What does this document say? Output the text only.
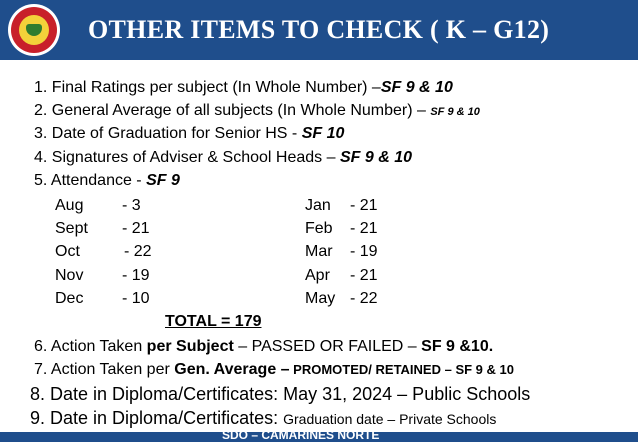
OTHER ITEMS TO CHECK ( K – G12)
1. Final Ratings per subject (In Whole Number) –SF 9 & 10
2. General Average of all subjects (In Whole Number) – SF 9 & 10
3. Date of Graduation for Senior HS - SF 10
4. Signatures of Adviser & School Heads – SF 9 & 10
5. Attendance - SF 9
Aug - 3
Sept - 21
Oct	- 22
Nov - 19
Dec - 10
Jan - 21
Feb - 21
Mar - 19
Apr - 21
May - 22
TOTAL = 179
6. Action Taken per Subject – PASSED OR FAILED – SF 9 &10.
7. Action Taken per Gen. Average – PROMOTED/ RETAINED – SF 9 & 10
8. Date in Diploma/Certificates: May 31, 2024 – Public Schools
9. Date in Diploma/Certificates: Graduation date – Private Schools
SDO – CAMARINES NORTE
